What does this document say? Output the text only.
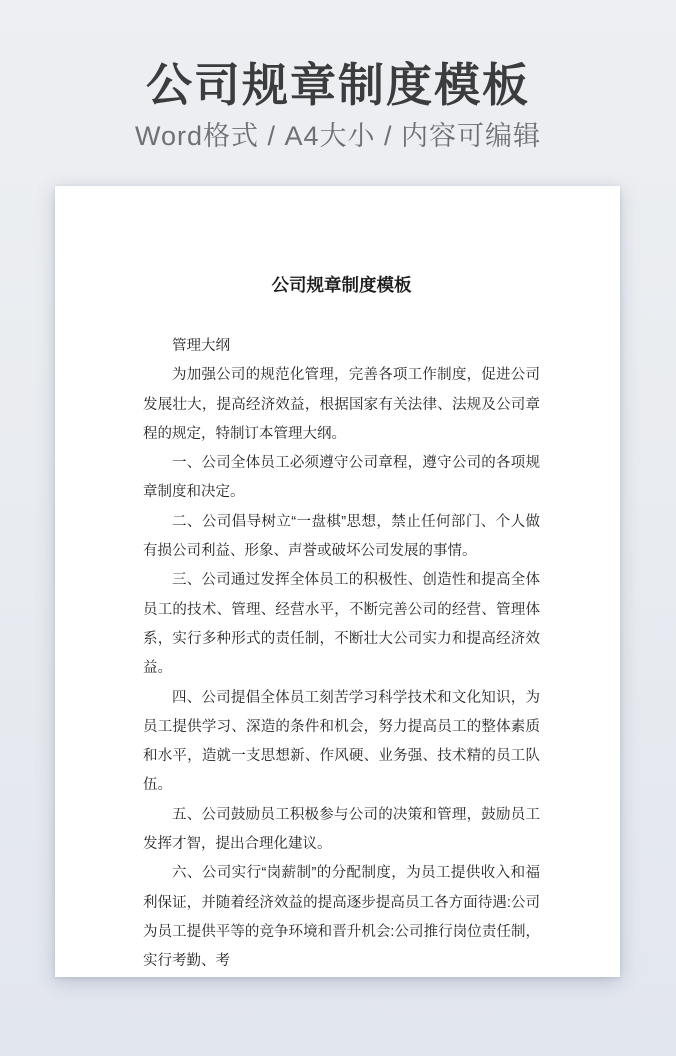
公司规章制度模板
Word格式 / A4大小 / 内容可编辑

公司规章制度模板

管理大纲

为加强公司的规范化管理，完善各项工作制度，促进公司发展壮大，提高经济效益，根据国家有关法律、法规及公司章程的规定，特制订本管理大纲。

一、公司全体员工必须遵守公司章程，遵守公司的各项规章制度和决定。

二、公司倡导树立“一盘棋”思想，禁止任何部门、个人做有损公司利益、形象、声誉或破坏公司发展的事情。

三、公司通过发挥全体员工的积极性、创造性和提高全体员工的技术、管理、经营水平，不断完善公司的经营、管理体系，实行多种形式的责任制，不断壮大公司实力和提高经济效益。

四、公司提倡全体员工刻苦学习科学技术和文化知识，为员工提供学习、深造的条件和机会，努力提高员工的整体素质和水平，造就一支思想新、作风硬、业务强、技术精的员工队伍。

五、公司鼓励员工积极参与公司的决策和管理，鼓励员工发挥才智，提出合理化建议。

六、公司实行“岗薪制”的分配制度，为员工提供收入和福利保证，并随着经济效益的提高逐步提高员工各方面待遇:公司为员工提供平等的竞争环境和晋升机会:公司推行岗位责任制，实行考勤、考
